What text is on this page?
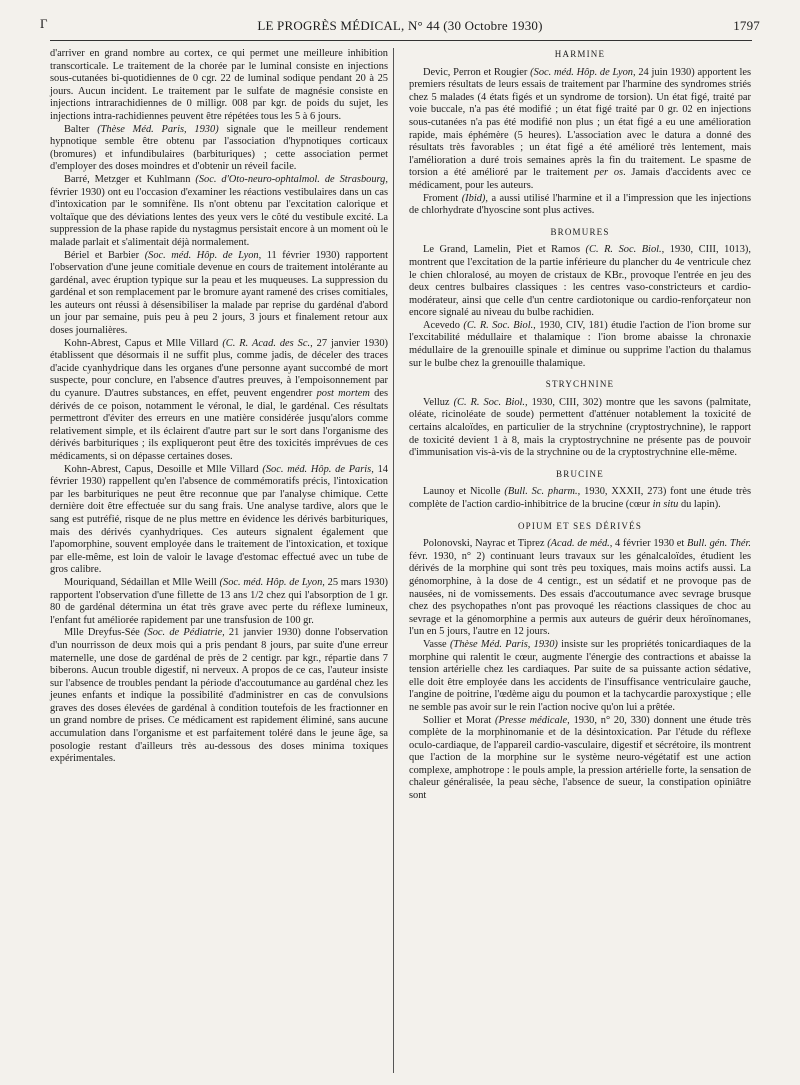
Γ	LE PROGRÈS MÉDICAL, N° 44 (30 Octobre 1930)	1797

d'arriver en grand nombre au cortex, ce qui permet une meilleure inhibition transcorticale. Le traitement de la chorée par le luminal consiste en injections sous-cutanées bi-quotidiennes de 0 cgr. 22 de luminal sodique pendant 20 à 25 jours. Aucun incident. Le traitement par le sulfate de magnésie consiste en injections intrarachidiennes de 0 milligr. 008 par kgr. de poids du sujet, les injections intra-rachidiennes peuvent être répétées tous les 5 à 6 jours.

Balter (Thèse Méd. Paris, 1930) signale que le meilleur rendement hypnotique semble être obtenu par l'association d'hypnotiques corticaux (bromures) et infundibulaires (barbituriques) ; cette association permet d'employer des doses moindres et d'obtenir un réveil facile.

Barré, Metzger et Kuhlmann (Soc. d'Oto-neuro-ophtalmol. de Strasbourg, février 1930) ont eu l'occasion d'examiner les réactions vestibulaires dans un cas d'intoxication par le somnifène. Ils n'ont obtenu par l'excitation calorique et voltaïque que des déviations lentes des yeux vers le côté du vestibule excité. La suppression de la phase rapide du nystagmus persistait encore à un moment où le malade parlait et s'alimentait déjà normalement.

Bériel et Barbier (Soc. méd. Hôp. de Lyon, 11 février 1930) rapportent l'observation d'une jeune comitiale devenue en cours de traitement intolérante au gardénal, avec éruption typique sur la peau et les muqueuses. La suppression du gardénal et son remplacement par le bromure ayant ramené des crises comitiales, les auteurs ont réussi à désensibiliser la malade par reprise du gardénal d'abord un jour par semaine, puis peu à peu 2 jours, 3 jours et finalement retour aux doses journalières.

Kohn-Abrest, Capus et Mlle Villard (C. R. Acad. des Sc., 27 janvier 1930) établissent que désormais il ne suffit plus, comme jadis, de déceler des traces d'acide cyanhydrique dans les organes d'une personne ayant succombé de mort suspecte, pour conclure, en l'absence d'autres preuves, à l'empoisonnement par du cyanure. D'autres substances, en effet, peuvent engendrer post mortem des dérivés de ce poison, notamment le véronal, le dial, le gardénal. Ces résultats permettront d'éviter des erreurs en une matière considérée jusqu'alors comme relativement simple, et ils éclairent d'autre part sur le sort dans l'organisme des dérivés barbituriques ; ils expliqueront peut être des toxicités imprévues de ces médicaments, si on dépasse certaines doses.

Kohn-Abrest, Capus, Desoille et Mlle Villard (Soc. méd. Hôp. de Paris, 14 février 1930) rappellent qu'en l'absence de commémoratifs précis, l'intoxication par les barbituriques ne peut être reconnue que par l'analyse chimique. Cette dernière doit être effectuée sur du sang frais. Une analyse tardive, alors que le sang est putréfié, risque de ne plus mettre en évidence les dérivés barbituriques, mais des dérivés cyanhydriques. Ces auteurs signalent également que l'apomorphine, souvent employée dans le traitement de l'intoxication, et toxique par elle-même, est loin de valoir le lavage d'estomac effectué avec un tube de gros calibre.

Mouriquand, Sédaillan et Mlle Weill (Soc. méd. Hôp. de Lyon, 25 mars 1930) rapportent l'observation d'une fillette de 13 ans 1/2 chez qui l'absorption de 1 gr. 80 de gardénal détermina un état très grave avec perte du réflexe lumineux, l'enfant fut améliorée rapidement par une transfusion de 100 gr.

Mlle Dreyfus-Sée (Soc. de Pédiatrie, 21 janvier 1930) donne l'observation d'un nourrisson de deux mois qui a pris pendant 8 jours, par suite d'une erreur maternelle, une dose de gardénal de près de 2 centigr. par kgr., répartie dans 7 biberons. Aucun trouble digestif, ni nerveux. A propos de ce cas, l'auteur insiste sur l'absence de troubles pendant la période d'accoutumance au gardénal chez les jeunes enfants et indique la possibilité d'administrer en cas de convulsions graves des doses élevées de gardénal à condition toutefois de les fractionner en un grand nombre de prises. Ce médicament est rapidement éliminé, sans aucune accumulation dans l'organisme et est parfaitement toléré dans le jeune âge, sa posologie restant d'ailleurs très au-dessous des doses minima toxiques expérimentales.

HARMINE

Devic, Perron et Rougier (Soc. méd. Hôp. de Lyon, 24 juin 1930) apportent les premiers résultats de leurs essais de traitement par l'harmine des syndromes striés chez 5 malades (4 états figés et un syndrome de torsion). Un état figé, traité par voie buccale, n'a pas été modifié ; un état figé traité par 0 gr. 02 en injections sous-cutanées n'a pas été modifié non plus ; un état figé a eu une amélioration rapide, mais éphémère (5 heures). L'association avec le datura a donné des résultats très favorables ; un état figé a été amélioré très lentement, mais l'amélioration a duré trois semaines après la fin du traitement. Le spasme de torsion a été amélioré par le traitement per os. Jamais d'accidents avec ce médicament, pour les auteurs.

Froment (Ibid), a aussi utilisé l'harmine et il a l'impression que les injections de chlorhydrate d'hyoscine sont plus actives.

BROMURES

Le Grand, Lamelin, Piet et Ramos (C. R. Soc. Biol., 1930, CIII, 1013), montrent que l'excitation de la partie inférieure du plancher du 4e ventricule chez le chien chloralosé, au moyen de cristaux de KBr., provoque l'entrée en jeu des deux centres bulbaires classiques : les centres vaso-constricteurs et cardio-modérateur, ainsi que celle d'un centre cardiotonique ou cardio-renforçateur non encore signalé au niveau du bulbe rachidien.

Acevedo (C. R. Soc. Biol., 1930, CIV, 181) étudie l'action de l'ion brome sur l'excitabilité médullaire et thalamique : l'ion brome abaisse la chronaxie médullaire de la grenouille spinale et diminue ou supprime l'action du thalamus sur le bulbe chez la grenouille thalamique.

STRYCHNINE

Velluz (C. R. Soc. Biol., 1930, CIII, 302) montre que les savons (palmitate, oléate, ricinoléate de soude) permettent d'atténuer notablement la toxicité de certains alcaloïdes, en particulier de la strychnine (cryptostrychnine), le rapport de toxicité devient 1 à 8, mais la cryptostrychnine ne présente pas de pouvoir d'immunisation vis-à-vis de la strychnine ou de la cryptostrychnine elle-même.

BRUCINE

Launoy et Nicolle (Bull. Sc. pharm., 1930, XXXII, 273) font une étude très complète de l'action cardio-inhibitrice de la brucine (cœur in situ du lapin).

OPIUM ET SES DÉRIVÉS

Polonovski, Nayrac et Tiprez (Acad. de méd., 4 février 1930 et Bull. gén. Thér. févr. 1930, n° 2) continuant leurs travaux sur les génalcaloïdes, étudient les dérivés de la morphine qui sont très peu toxiques, mais moins actifs aussi. La génomorphine, à la dose de 4 centigr., est un sédatif et ne provoque pas de nausées, ni de vomissements. Des essais d'accoutumance avec sevrage brusque chez des psychopathes n'ont pas provoqué les réactions classiques de choc au sevrage et la génomorphine a permis aux auteurs de guérir deux héroïnomanes, l'un en 5 jours, l'autre en 12 jours.

Vasse (Thèse Méd. Paris, 1930) insiste sur les propriétés tonicardiaques de la morphine qui ralentit le cœur, augmente l'énergie des contractions et abaisse la tension artérielle chez les cardiaques. Par suite de sa puissante action sédative, elle doit être employée dans les accidents de l'insuffisance ventriculaire gauche, l'angine de poitrine, l'œdème aigu du poumon et la tachycardie paroxystique ; elle ne semble pas avoir sur le rein l'action nocive qu'on lui a prêtée.

Sollier et Morat (Presse médicale, 1930, n° 20, 330) donnent une étude très complète de la morphinomanie et de la désintoxication. Par l'étude du réflexe oculo-cardiaque, de l'appareil cardio-vasculaire, digestif et sécrétoire, ils montrent que l'action de la morphine sur le système neuro-végétatif est une action complexe, amphotrope : le pouls ample, la pression artérielle forte, la sensation de chaleur généralisée, la peau sèche, l'absence de sueur, la constipation opiniâtre sont
